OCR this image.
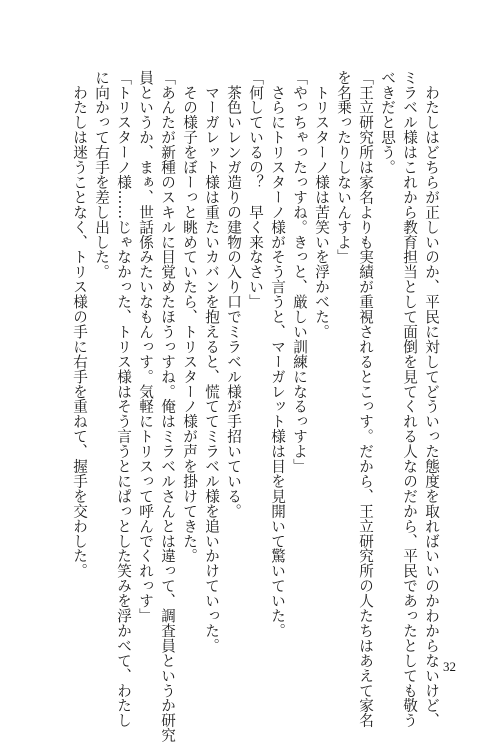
　わたしはどちらが正しいのか、平民に対してどういった態度を取ればいいのかわからないけど、
ミラベル様はこれから教育担当として面倒を見てくれる人なのだから、平民であったとしても敬う
べきだと思う。
「王立研究所は家名よりも実績が重視されるとこっす。だから、王立研究所の人たちはあえて家名
を名乗ったりしないんすよ」
　トリスターノ様は苦笑いを浮かべた。
「やっちゃったっすね。きっと、厳しい訓練になるっすよ」
　さらにトリスターノ様がそう言うと、マーガレット様は目を見開いて驚いていた。
「何しているの？　早く来なさい」
　茶色いレンガ造りの建物の入り口でミラベル様が手招いている。
　マーガレット様は重たいカバンを抱えると、慌ててミラベル様を追いかけていった。
　その様子をぼーっと眺めていたら、トリスターノ様が声を掛けてきた。
「あんたが新種のスキルに目覚めたほうっすね。俺はミラベルさんとは違って、調査員というか研究
員というか、まぁ、世話係みたいなもんっす。気軽にトリスって呼んでくれっす」
「トリスターノ様……じゃなかった、トリス様はそう言うとにぱっとした笑みを浮かべて、わたし
に向かって右手を差し出した。
　わたしは迷うことなく、トリス様の手に右手を重ねて、握手を交わした。
32
